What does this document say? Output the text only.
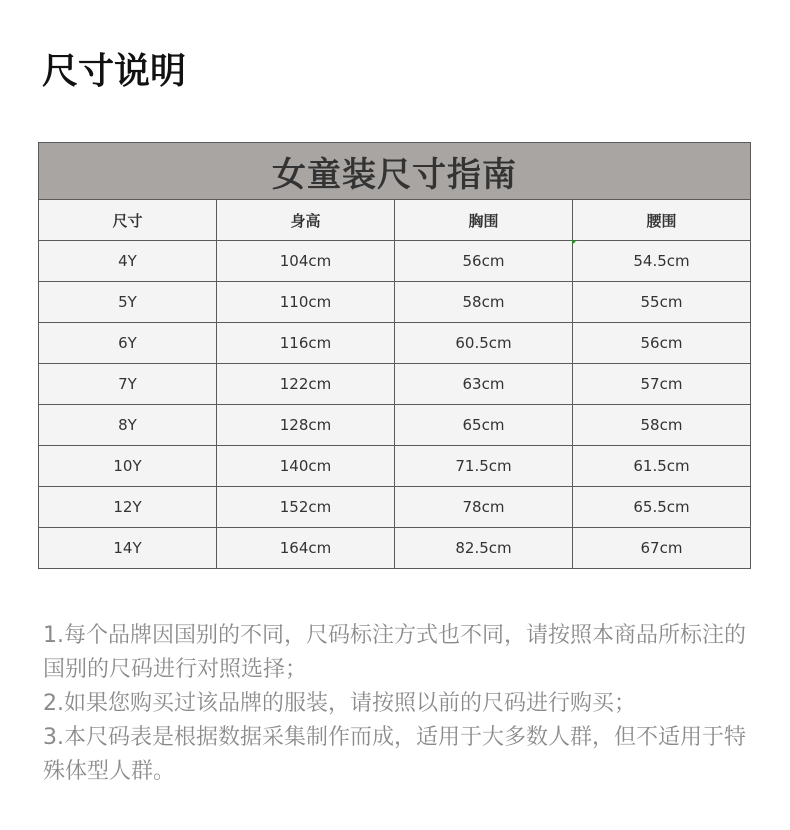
尺寸说明
女童装尺寸指南			
尺寸	身高	胸围	腰围
4Y	104cm	56cm	54.5cm
5Y	110cm	58cm	55cm
6Y	116cm	60.5cm	56cm
7Y	122cm	63cm	57cm
8Y	128cm	65cm	58cm
10Y	140cm	71.5cm	61.5cm
12Y	152cm	78cm	65.5cm
14Y	164cm	82.5cm	67cm

1.每个品牌因国别的不同，尺码标注方式也不同，请按照本商品所标注的国别的尺码进行对照选择；

2.如果您购买过该品牌的服装，请按照以前的尺码进行购买；

3.本尺码表是根据数据采集制作而成，适用于大多数人群，但不适用于特殊体型人群。
